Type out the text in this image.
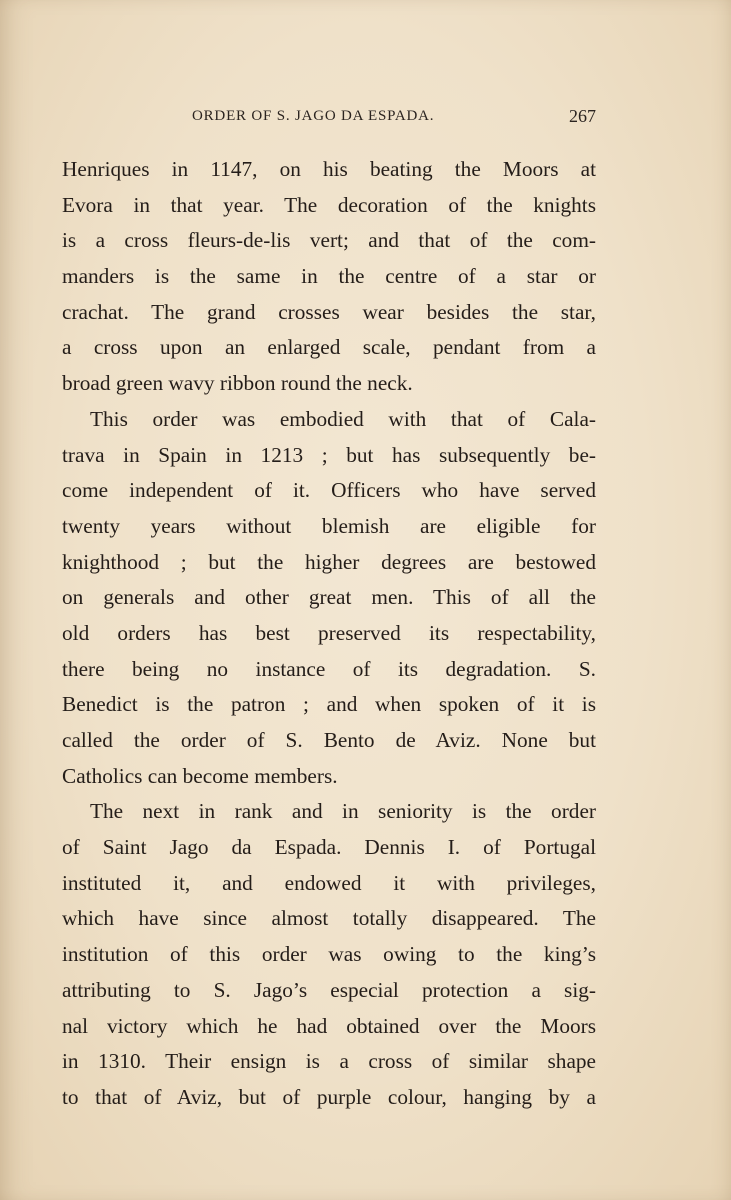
ORDER OF S. JAGO DA ESPADA.	267
Henriques in 1147, on his beating the Moors at
Evora in that year. The decoration of the knights
is a cross fleurs-de-lis vert; and that of the com-
manders is the same in the centre of a star or
crachat. The grand crosses wear besides the star,
a cross upon an enlarged scale, pendant from a
broad green wavy ribbon round the neck.
This order was embodied with that of Cala-
trava in Spain in 1213 ; but has subsequently be-
come independent of it. Officers who have served
twenty years without blemish are eligible for
knighthood ; but the higher degrees are bestowed
on generals and other great men. This of all the
old orders has best preserved its respectability,
there being no instance of its degradation. S.
Benedict is the patron ; and when spoken of it is
called the order of S. Bento de Aviz. None but
Catholics can become members.
The next in rank and in seniority is the order
of Saint Jago da Espada. Dennis I. of Portugal
instituted it, and endowed it with privileges,
which have since almost totally disappeared. The
institution of this order was owing to the king’s
attributing to S. Jago’s especial protection a sig-
nal victory which he had obtained over the Moors
in 1310. Their ensign is a cross of similar shape
to that of Aviz, but of purple colour, hanging by a
